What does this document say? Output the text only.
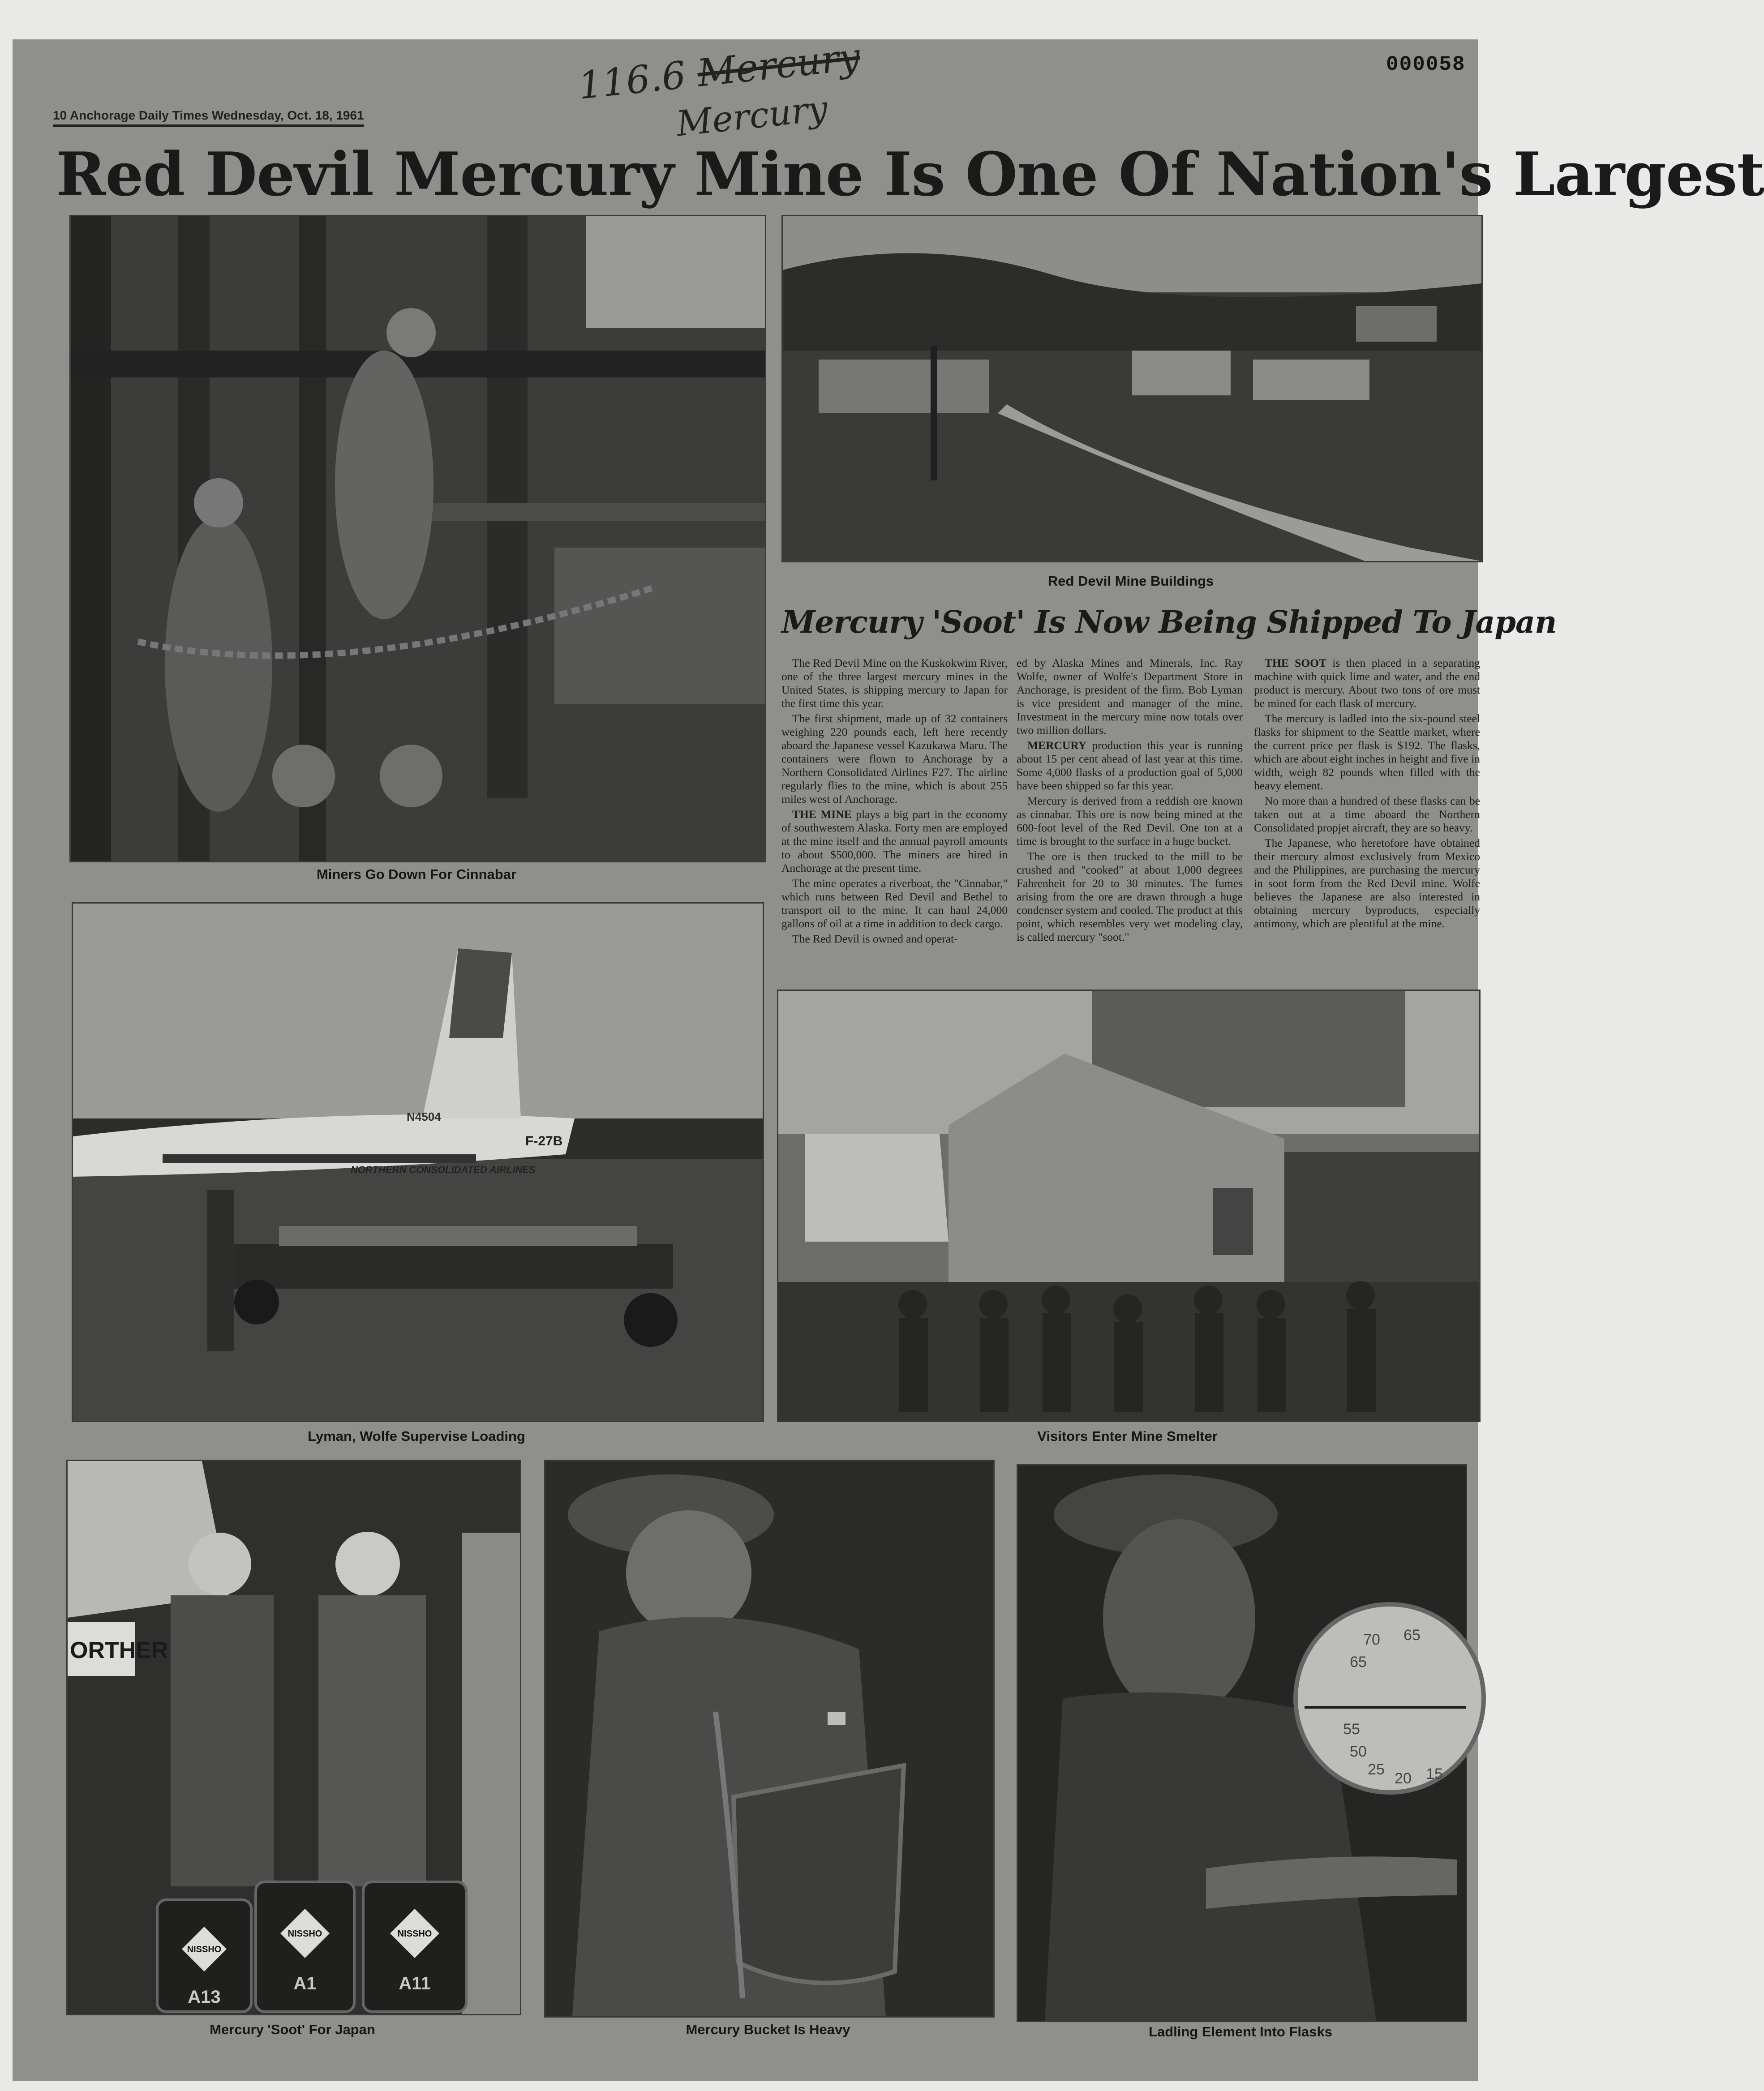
000058
10 Anchorage Daily Times Wednesday, Oct. 18, 1961
116.6 Mercury
Mercury
Red Devil Mercury Mine Is One Of Nation's Largest
Miners Go Down For Cinnabar
Red Devil Mine Buildings
Mercury 'Soot' Is Now Being Shipped To Japan

The Red Devil Mine on the Kuskokwim River, one of the three largest mercury mines in the United States, is shipping mercury to Japan for the first time this year.

The first shipment, made up of 32 containers weighing 220 pounds each, left here recently aboard the Japanese vessel Kazukawa Maru. The containers were flown to Anchorage by a Northern Consolidated Airlines F27. The airline regularly flies to the mine, which is about 255 miles west of Anchorage.

THE MINE plays a big part in the economy of southwestern Alaska. Forty men are employed at the mine itself and the annual payroll amounts to about $500,000. The miners are hired in Anchorage at the present time.

The mine operates a riverboat, the "Cinnabar," which runs between Red Devil and Bethel to transport oil to the mine. It can haul 24,000 gallons of oil at a time in addition to deck cargo.

The Red Devil is owned and operat-

ed by Alaska Mines and Minerals, Inc. Ray Wolfe, owner of Wolfe's Department Store in Anchorage, is president of the firm. Bob Lyman is vice president and manager of the mine. Investment in the mercury mine now totals over two million dollars.

MERCURY production this year is running about 15 per cent ahead of last year at this time. Some 4,000 flasks of a production goal of 5,000 have been shipped so far this year.

Mercury is derived from a reddish ore known as cinnabar. This ore is now being mined at the 600-foot level of the Red Devil. One ton at a time is brought to the surface in a huge bucket.

The ore is then trucked to the mill to be crushed and "cooked" at about 1,000 degrees Fahrenheit for 20 to 30 minutes. The fumes arising from the ore are drawn through a huge condenser system and cooled. The product at this point, which resembles very wet modeling clay, is called mercury "soot."

THE SOOT is then placed in a separating machine with quick lime and water, and the end product is mercury. About two tons of ore must be mined for each flask of mercury.

The mercury is ladled into the six-pound steel flasks for shipment to the Seattle market, where the current price per flask is $192. The flasks, which are about eight inches in height and five in width, weigh 82 pounds when filled with the heavy element.

No more than a hundred of these flasks can be taken out at a time aboard the Northern Consolidated propjet aircraft, they are so heavy.

The Japanese, who heretofore have obtained their mercury almost exclusively from Mexico and the Philippines, are purchasing the mercury in soot form from the Red Devil mine. Wolfe believes the Japanese are also interested in obtaining mercury byproducts, especially antimony, which are plentiful at the mine.

NORTHERN CONSOLIDATED AIRLINES
N4504
F-27B
Lyman, Wolfe Supervise Loading	Visitors Enter Mine Smelter
ORTHER
NISSHO
NISSHO	NISSHO
A13
A1	A11
Mercury 'Soot' For Japan	Mercury Bucket Is Heavy
65
70
65
55
50
25
20 15
Ladling Element Into Flasks
